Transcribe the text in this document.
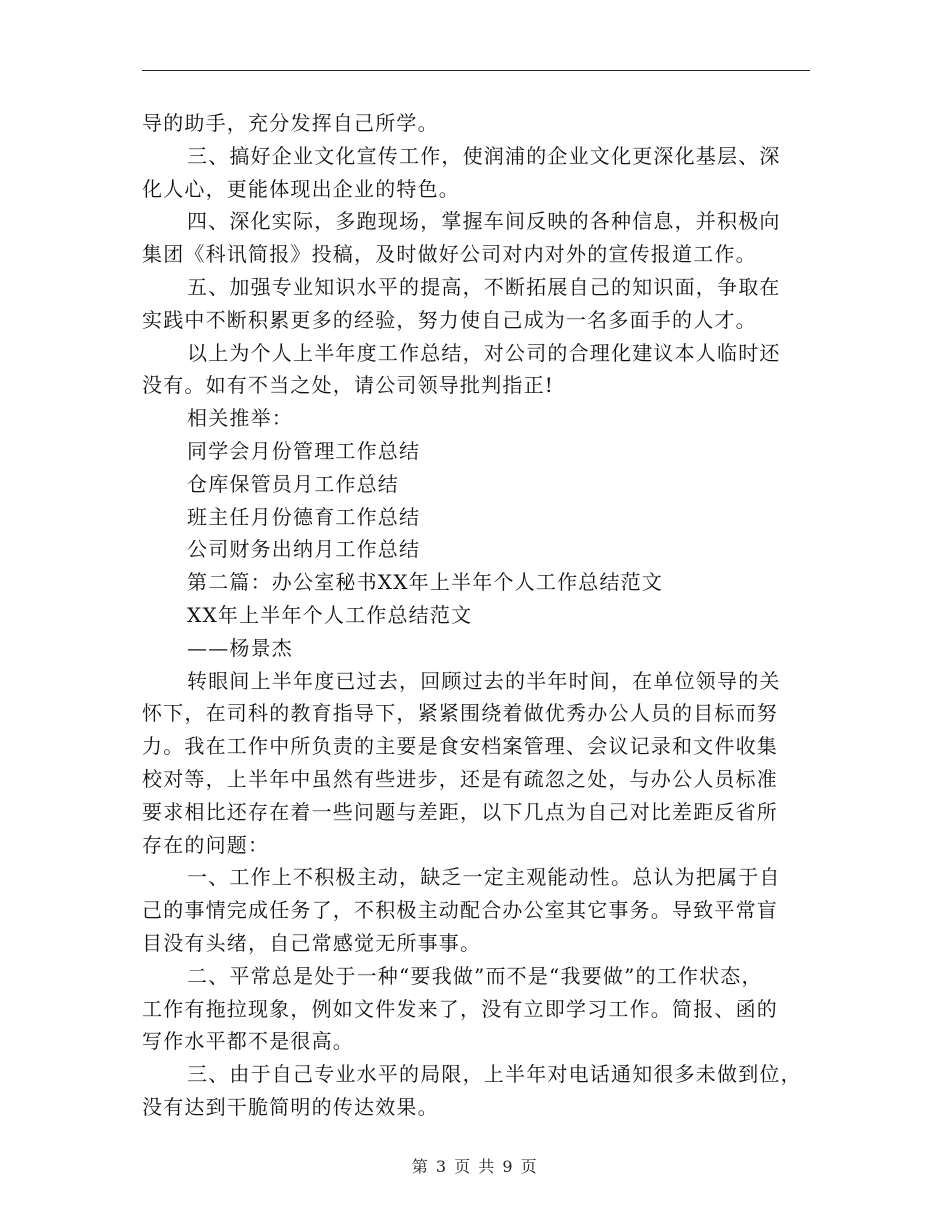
导的助手，充分发挥自己所学。

三、搞好企业文化宣传工作，使润浦的企业文化更深化基层、深

化人心，更能体现出企业的特色。

四、深化实际，多跑现场，掌握车间反映的各种信息，并积极向

集团《科讯简报》投稿，及时做好公司对内对外的宣传报道工作。

五、加强专业知识水平的提高，不断拓展自己的知识面，争取在

实践中不断积累更多的经验，努力使自己成为一名多面手的人才。

以上为个人上半年度工作总结，对公司的合理化建议本人临时还

没有。如有不当之处，请公司领导批判指正!

相关推举：

同学会月份管理工作总结

仓库保管员月工作总结

班主任月份德育工作总结

公司财务出纳月工作总结

第二篇：办公室秘书XX年上半年个人工作总结范文

XX年上半年个人工作总结范文

——杨景杰

转眼间上半年度已过去，回顾过去的半年时间，在单位领导的关

怀下，在司科的教育指导下，紧紧围绕着做优秀办公人员的目标而努

力。我在工作中所负责的主要是食安档案管理、会议记录和文件收集

校对等，上半年中虽然有些进步，还是有疏忽之处，与办公人员标准

要求相比还存在着一些问题与差距，以下几点为自己对比差距反省所

存在的问题：

一、工作上不积极主动，缺乏一定主观能动性。总认为把属于自

己的事情完成任务了，不积极主动配合办公室其它事务。导致平常盲

目没有头绪，自己常感觉无所事事。

二、平常总是处于一种“要我做”而不是“我要做”的工作状态，

工作有拖拉现象，例如文件发来了，没有立即学习工作。简报、函的

写作水平都不是很高。

三、由于自己专业水平的局限，上半年对电话通知很多未做到位，

没有达到干脆简明的传达效果。

第 3 页 共 9 页
